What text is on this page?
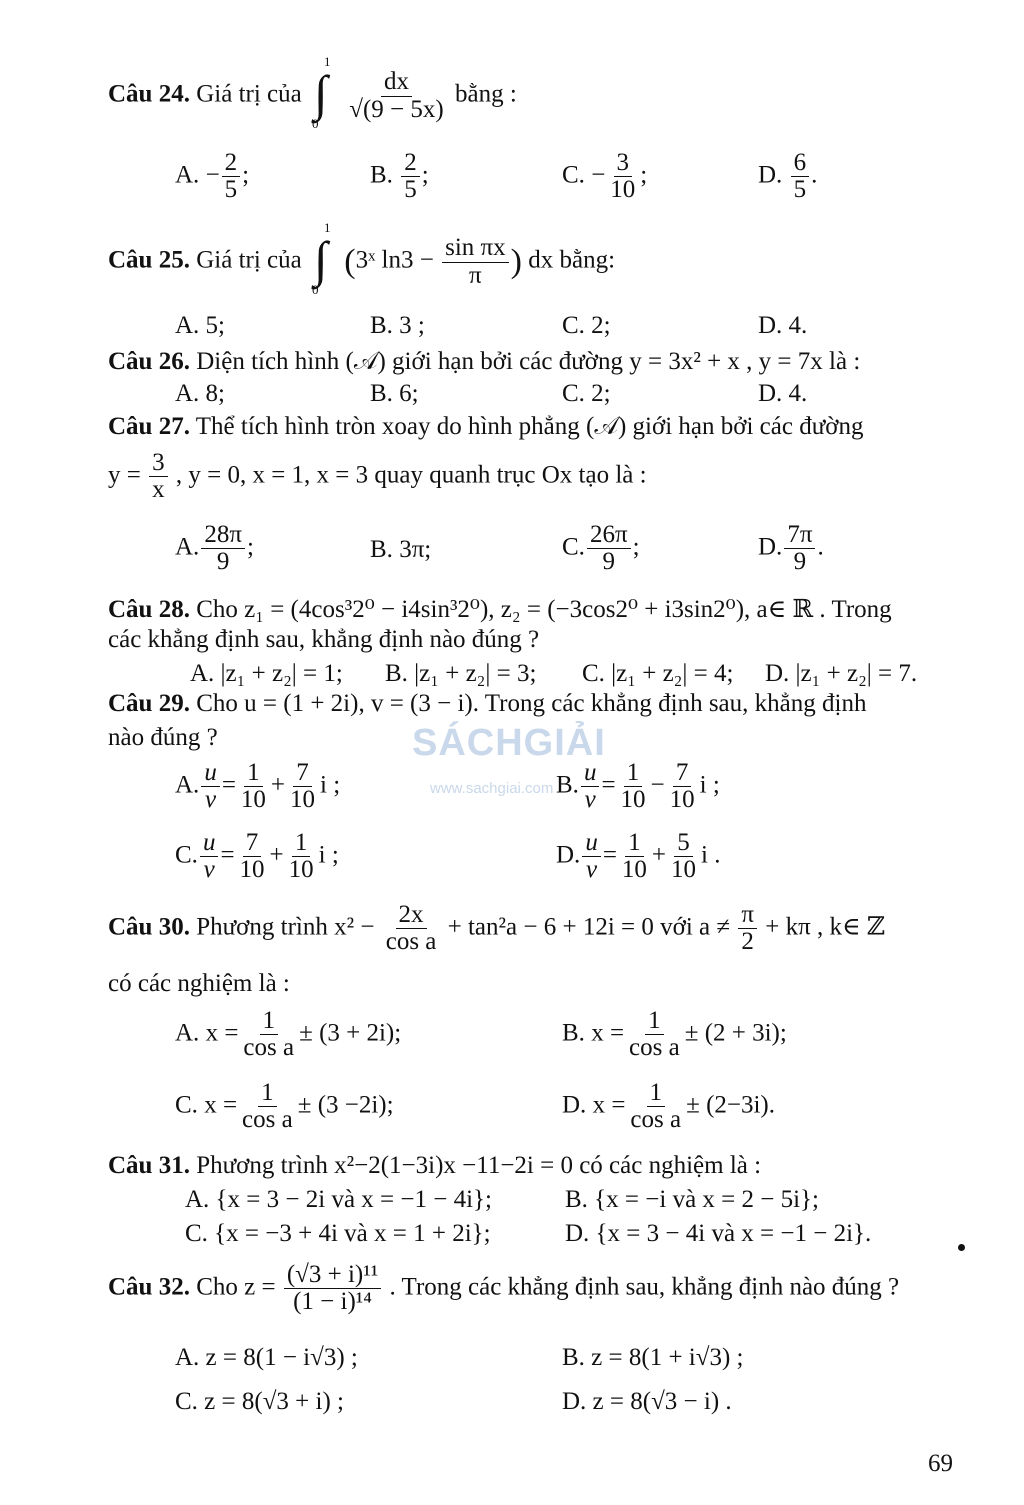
SÁCHGIẢI
www.sachgiai.com
Câu 24. Giá trị của ∫
1
0

$\frac{dx}{√(9 - 5x)}$ bằng :
A. − $\frac{2}{5}$ ;	B. $\frac{2}{5}$ ;	C. − $\frac{3}{10}$ ;	D. $\frac{6}{5}$ .
Câu 25. Giá trị của ∫
1
0
(3ˣ $\ln 3 - \frac{\text{sin πx}}{\pi}$ ) dx bằng:
A. 5;	B. 3 ;	C. 2;	D. 4.
Câu 26. Diện tích hình (𝒜) giới hạn bởi các đường y = 3x² + x , y = 7x là :
A. 8;	B. 6;	C. 2;	D. 4.
Câu 27. Thể tích hình tròn xoay do hình phẳng (𝒜) giới hạn bởi các đường
$y = \frac{3}{x}$ , y = 0, x = 1, x = 3 quay quanh trục Ox tạo là :
A. $\frac{28\pi}{9}$ ;	B. 3π;	C. $\frac{26\pi}{9}$ ;	D. $\frac{7\pi}{9}$ .
Câu 28. Cho z₁ = (4cos³2⁰ − i4sin³2⁰), z₂ = (−3cos2⁰ + i3sin2⁰), a∈ ℝ . Trong
các khẳng định sau, khẳng định nào đúng ?
A. |z₁ + z₂| = 1; B. |z₁ + z₂| = 3; C. |z₁ + z₂| = 4; D. |z₁ + z₂| = 7.
Câu 29. Cho u = (1 + 2i), v = (3 − i). Trong các khẳng định sau, khẳng định
nào đúng ?
A. $\frac{u}{v} = \frac{1}{10} + \frac{7}{10}$ i ;	B. $\frac{u}{v} = \frac{1}{10} - \frac{7}{10}$ i ;
C. $\frac{u}{v} = \frac{7}{10} + \frac{1}{10}$ i ;	D. $\frac{u}{v} = \frac{1}{10} + \frac{5}{10}$ i .
Câu 30. Phương trình $x^2 - \frac{2x}{\text{cos a}} + \tan^2a - 6 + 12i = 0$ với $a \ne \frac{\pi}{2} + k\pi$ , k∈ ℤ
có các nghiệm là :
A. $x = \frac{1}{\text{cos a}} \pm (3 + 2i)$;	B. $x = \frac{1}{\text{cos a}} \pm (2 + 3i)$;
C. $x = \frac{1}{\text{cos a}} \pm (3 -2i)$;	D. $x = \frac{1}{\text{cos a}} \pm (2-3i)$.
Câu 31. Phương trình x²−2(1−3i)x −11−2i = 0 có các nghiệm là :
A. {x = 3 − 2i và x = −1 − 4i};	B. {x = −i và x = 2 − 5i};
C. {x = −3 + 4i và x = 1 + 2i};	D. {x = 3 − 4i và x = −1 − 2i}.
Câu 32. Cho $z = \frac{\text{(√3 + i)¹¹}}{\text{(1 − i)¹⁴}}$ . Trong các khẳng định sau, khẳng định nào đúng ?
A. z = 8(1 − i√3) ;	B. z = 8(1 + i√3) ;
C. z = 8(√3 + i) ;	D. z = 8(√3 − i) .
69
